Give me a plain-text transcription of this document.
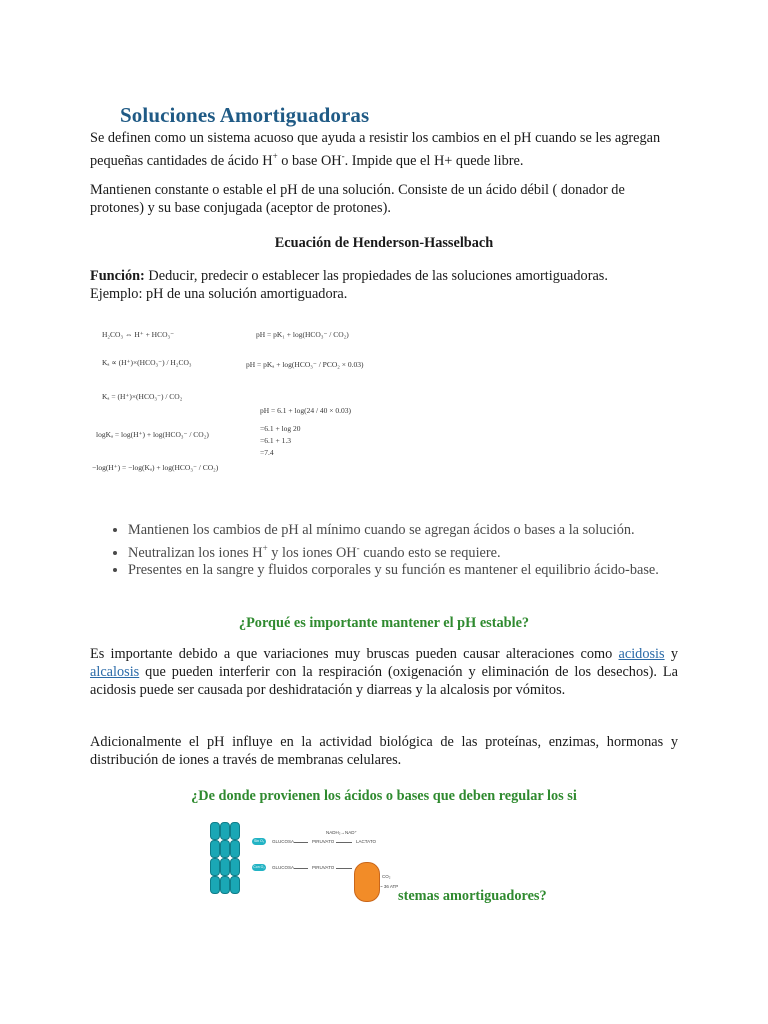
Soluciones Amortiguadoras

Se definen como un sistema acuoso que ayuda a resistir los cambios en el pH cuando se les agregan
pequeñas cantidades de ácido H+ o base OH-. Impide que el H+ quede libre.

Mantienen constante o estable el pH de una solución. Consiste de un ácido débil ( donador de protones) y su base conjugada (aceptor de protones).

Ecuación de Henderson-Hasselbach

Función: Deducir, predecir o establecer las propiedades de las soluciones amortiguadoras.
Ejemplo: pH de una solución amortiguadora.

H₂CO₃ ⇔ H⁺ + HCO₃⁻
Kₐ ∝ (H⁺)×(HCO₃⁻) / H₂CO₃
Kₐ = (H⁺)×(HCO₃⁻) / CO₂
logKₐ = log(H⁺) + log(HCO₃⁻ / CO₂)
−log(H⁺) = −log(Kₐ) + log(HCO₃⁻ / CO₂)
pH = pK₁ + log(HCO₃⁻ / CO₂)
pH = pKₐ + log(HCO₃⁻ / PCO₂ × 0.03)
pH = 6.1 + log(24 / 40 × 0.03)
=6.1 + log 20
=6.1 + 1.3
=7.4
• Mantienen los cambios de pH al mínimo cuando se agregan ácidos o bases a la solución.
• Neutralizan los iones H+ y los iones OH- cuando esto se requiere.
• Presentes en la sangre y fluidos corporales y su función es mantener el equilibrio ácido-base.

¿Porqué es importante mantener el pH estable?

Es importante debido a que variaciones muy bruscas pueden causar alteraciones como acidosis y alcalosis que pueden interferir con la respiración (oxigenación y eliminación de los desechos). La acidosis puede ser causada por deshidratación y diarreas y la alcalosis por vómitos.

Adicionalmente el pH influye en la actividad biológica de las proteínas, enzimas, hormonas y distribución de iones a través de membranas celulares.

¿De donde provienen los ácidos o bases que deben regular los si

Sin O₂
Con O₂
NADH₂→NAD⁺
GLUCOSA	PIRUVATO	LACTATO
GLUCOSA	PIRUVATO
CO₂
~ 36 ATP

stemas amortiguadores?
